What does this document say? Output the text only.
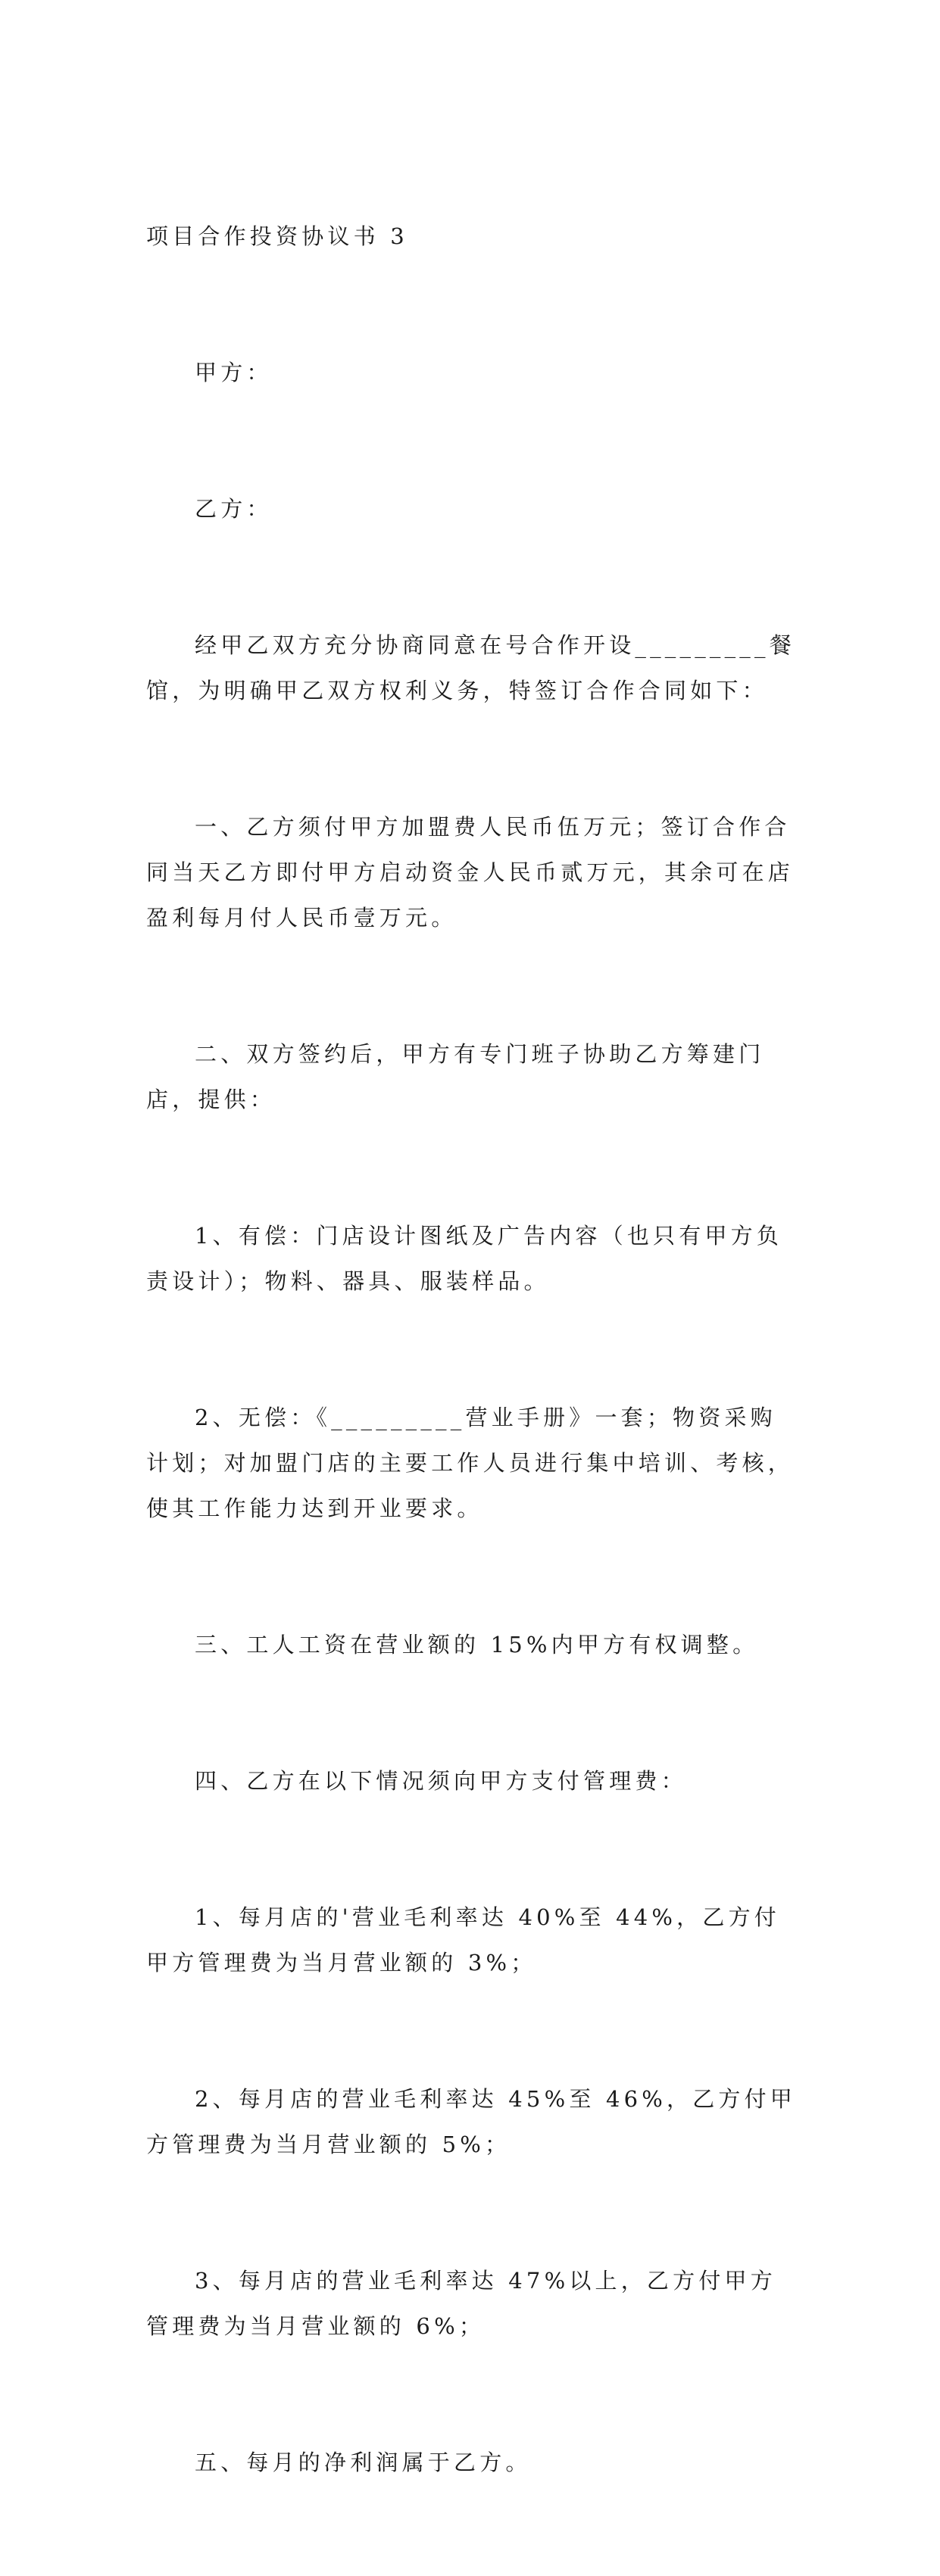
项目合作投资协议书 3

甲方：

乙方：

经甲乙双方充分协商同意在号合作开设_________餐馆，为明确甲乙双方权利义务，特签订合作合同如下：

一、乙方须付甲方加盟费人民币伍万元；签订合作合同当天乙方即付甲方启动资金人民币贰万元，其余可在店盈利每月付人民币壹万元。

二、双方签约后，甲方有专门班子协助乙方筹建门店，提供：

1、有偿：门店设计图纸及广告内容（也只有甲方负责设计）；物料、器具、服装样品。

2、无偿：《_________营业手册》一套；物资采购计划；对加盟门店的主要工作人员进行集中培训、考核，使其工作能力达到开业要求。

三、工人工资在营业额的 15%内甲方有权调整。

四、乙方在以下情况须向甲方支付管理费：

1、每月店的'营业毛利率达 40%至 44%，乙方付甲方管理费为当月营业额的 3%；

2、每月店的营业毛利率达 45%至 46%，乙方付甲方管理费为当月营业额的 5%；

3、每月店的营业毛利率达 47%以上，乙方付甲方管理费为当月营业额的 6%；

五、每月的净利润属于乙方。
